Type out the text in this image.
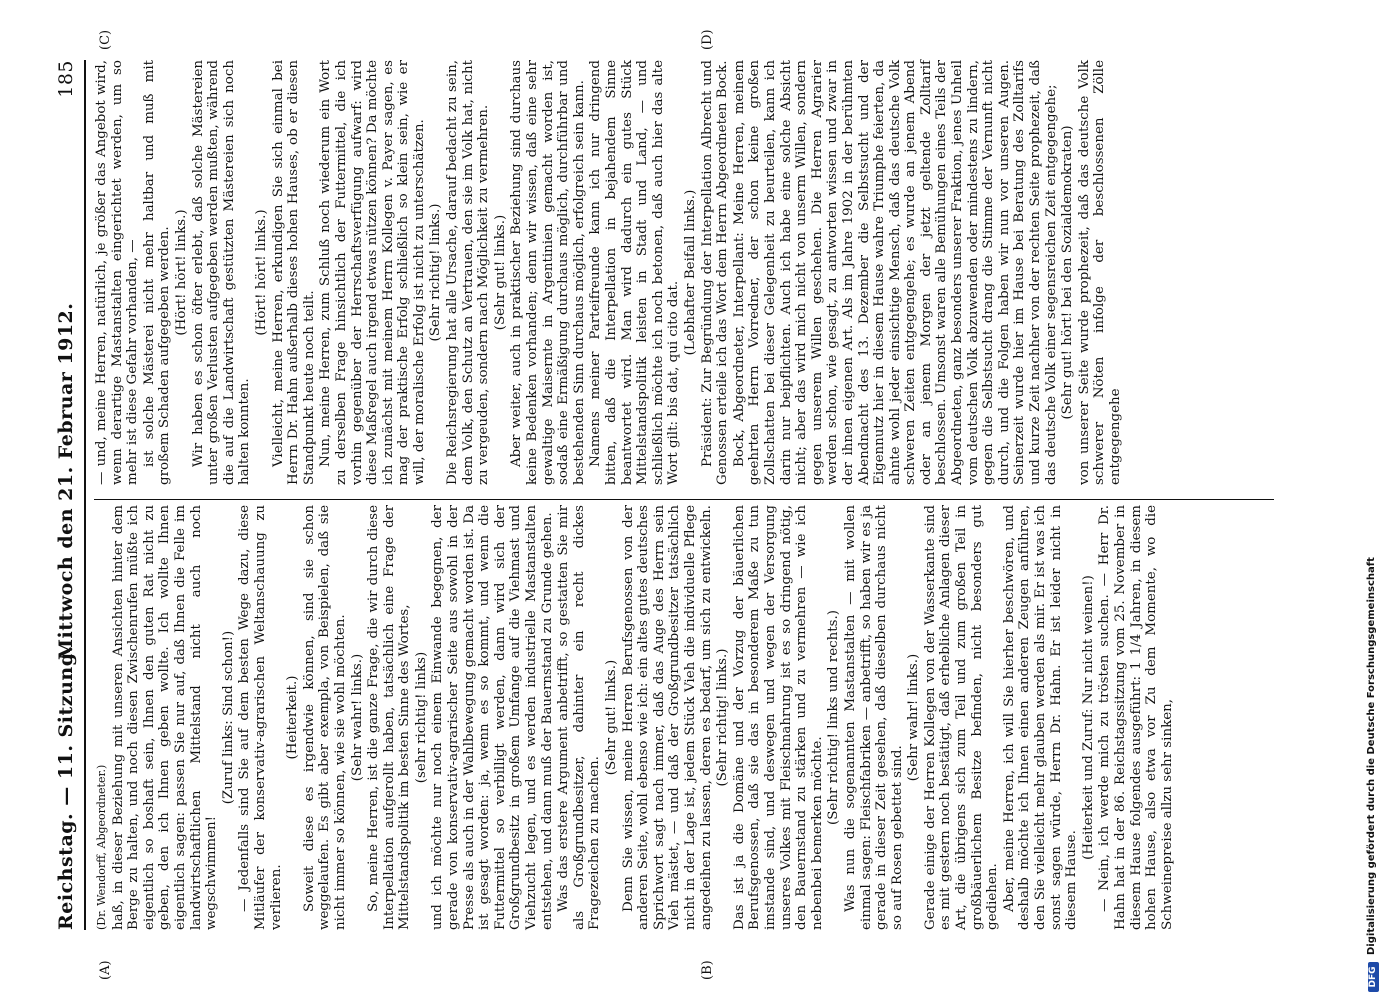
Reichstag. — 11. Sitzung.
Mittwoch den 21. Februar 1912.
185
(A)	(B)
(C)	(D)

(Dr. Wendorff, Abgeordneter.) haß, in dieser Beziehung mit unseren Ansichten hinter dem Berge zu halten, und noch diesen Zwischenrufen müßte ich eigentlich so boshaft sein, Ihnen den guten Rat nicht zu geben, den ich Ihnen geben wollte. Ich wollte Ihnen eigentlich sagen: passen Sie nur auf, daß Ihnen die Felle im landwirtschaftlichen Mittelstand nicht auch noch wegschwimmen!

(Zuruf links: Sind schon!) — Jedenfalls sind Sie auf dem besten Wege dazu, diese Mitläufer der konservativ-agrarischen Weltanschauung zu verlieren.

(Heiterkeit.) Soweit diese es irgendwie können, sind sie schon weggelaufen. Es gibt aber exempla, von Beispielen, daß sie nicht immer so können, wie sie wohl möchten. (Sehr wahr! links.) So, meine Herren, ist die ganze Frage, die wir durch diese Interpellation aufgerollt haben, tatsächlich eine Frage der Mittelstandspolitik im besten Sinne des Wortes, (sehr richtig! links) und ich möchte nur noch einem Einwande begegnen, der gerade von konservativ-agrarischer Seite aus sowohl in der Presse als auch in der Wahlbewegung gemacht worden ist. Da ist gesagt worden: ja, wenn es so kommt, und wenn die Futtermittel so verbilligt werden, dann wird sich der Großgrundbesitz in großem Umfange auf die Viehmast und Viehzucht legen, und es werden industrielle Mastanstalten entstehen, und dann muß der Bauernstand zu Grunde gehen. Was das erstere Argument anbetrifft, so gestatten Sie mir als Großgrundbesitzer, dahinter ein recht dickes Fragezeichen zu machen.

(Sehr gut! links.) Denn Sie wissen, meine Herren Berufsgenossen von der anderen Seite, wohl ebenso wie ich: ein altes gutes deutsches Sprichwort sagt nach immer, daß das Auge des Herrn sein Vieh mästet, — und daß der Großgrundbesitzer tatsächlich nicht in der Lage ist, jedem Stück Vieh die individuelle Pflege angedeihen zu lassen, deren es bedarf, um sich zu entwickeln. (Sehr richtig! links.) Das ist ja die Domäne und der Vorzug der bäuerlichen Berufsgenossen, daß sie das in besonderem Maße zu tun imstande sind, und deswegen und wegen der Versorgung unseres Volkes mit Fleischnahrung ist es so dringend nötig, den Bauernstand zu stärken und zu vermehren — wie ich nebenbei bemerken möchte.

(Sehr richtig! links und rechts.) Was nun die sogenannten Mastanstalten — mit wollen einmal sagen: Fleischfabriken — anbetrifft, so haben wir es ja gerade in dieser Zeit gesehen, daß dieselben durchaus nicht so auf Rosen gebettet sind.

(Sehr wahr! links.) Gerade einige der Herren Kollegen von der Wasserkante sind es mit gestern noch bestätigt, daß erhebliche Anlagen dieser Art, die übrigens sich zum Teil und zum großen Teil in großbäuerlichem Besitze befinden, nicht besonders gut gediehen. Aber, meine Herren, ich will Sie hierher beschwören, und deshalb möchte ich Ihnen einen anderen Zeugen anführen, den Sie vielleicht mehr glauben werden als mir. Er ist was ich sonst sagen würde, Herrn Dr. Hahn. Er ist leider nicht in diesem Hause.

(Heiterkeit und Zuruf: Nur nicht weinen!) — Nein, ich werde mich zu trösten suchen. — Herr Dr. Hahn hat in der 86. Reichstagssitzung vom 25. November in diesem Hause folgendes ausgeführt: 1 1/4 Jahren, in diesem hohen Hause, also etwa vor Zu dem Momente, wo die Schweinepreise allzu sehr sinken,

— und, meine Herren, natürlich, je größer das Angebot wird, wenn derartige Mastanstalten eingerichtet werden, um so mehr ist diese Gefahr vorhanden, — ist solche Mästerei nicht mehr haltbar und muß mit großem Schaden aufgegeben werden. (Hört! hört! links.) Wir haben es schon öfter erlebt, daß solche Mästereien unter großen Verlusten aufgegeben werden mußten, während die auf die Landwirtschaft gestützten Mästereien sich noch halten konnten.

(Hört! hört! links.) Vielleicht, meine Herren, erkundigen Sie sich einmal bei Herrn Dr. Hahn außerhalb dieses hohen Hauses, ob er diesen Standpunkt heute noch teilt. Nun, meine Herren, zum Schluß noch wiederum ein Wort zu derselben Frage hinsichtlich der Futtermittel, die ich vorhin gegenüber der Herrschaftsverfügung aufwarf: wird diese Maßregel auch irgend etwas nützen können? Da möchte ich zunächst mit meinem Herrn Kollegen v. Payer sagen, es mag der praktische Erfolg schließlich so klein sein, wie er will, der moralische Erfolg ist nicht zu unterschätzen. (Sehr richtig! links.) Die Reichsregierung hat alle Ursache, darauf bedacht zu sein, dem Volk, den Schutz an Vertrauen, den sie im Volk hat, nicht zu vergeuden, sondern nach Möglichkeit zu vermehren. (Sehr gut! links.) Aber weiter, auch in praktischer Beziehung sind durchaus keine Bedenken vorhanden; denn wir wissen, daß eine sehr gewaltige Maisernte in Argentinien gemacht worden ist, sodaß eine Ermäßigung durchaus möglich, durchführbar und bestehenden Sinn durchaus möglich, erfolgreich sein kann. Namens meiner Parteifreunde kann ich nur dringend bitten, daß die Interpellation in bejahendem Sinne beantwortet wird. Man wird dadurch ein gutes Stück Mittelstandspolitik leisten in Stadt und Land, — und schließlich möchte ich noch betonen, daß auch hier das alte Wort gilt: bis dat, qui cito dat.

(Lebhafter Beifall links.) Präsident: Zur Begründung der Interpellation Albrecht und Genossen erteile ich das Wort dem Herrn Abgeordneten Bock. Bock, Abgeordneter, Interpellant: Meine Herren, meinem geehrten Herrn Vorredner, der schon keine großen Zollschatten bei dieser Gelegenheit zu beurteilen, kann ich darin nur beipflichten. Auch ich habe eine solche Absicht nicht; aber das wird mich nicht von unserm Willen, sondern gegen unserem Willen geschehen. Die Herren Agrarier werden schon, wie gesagt, zu antworten wissen und zwar in der ihnen eigenen Art. Als im Jahre 1902 in der berühmten Abendnacht des 13. Dezember die Selbstsucht und der Eigennutz hier in diesem Hause wahre Triumphe feierten, da ahnte wohl jeder einsichtige Mensch, daß das deutsche Volk schweren Zeiten entgegengehe; es wurde an jenem Abend oder an jenem Morgen der jetzt geltende Zolltarif beschlossen. Umsonst waren alle Bemühungen eines Teils der Abgeordneten, ganz besonders unserer Fraktion, jenes Unheil vom deutschen Volk abzuwenden oder mindestens zu lindern, gegen die Selbstsucht drang die Stimme der Vernunft nicht durch, und die Folgen haben wir nun vor unseren Augen. Seinerzeit wurde hier im Hause bei Beratung des Zolltarifs und kurze Zeit nachher von der rechten Seite prophezeit, daß das deutsche Volk einer segensreichen Zeit entgegengehe; (Sehr gut! hört! bei den Sozialdemokraten) von unserer Seite wurde prophezeit, daß das deutsche Volk schwerer Nöten infolge der beschlossenen Zölle entgegengehe

DFG
Digitalisierung gefördert durch die Deutsche Forschungsgemeinschaft
